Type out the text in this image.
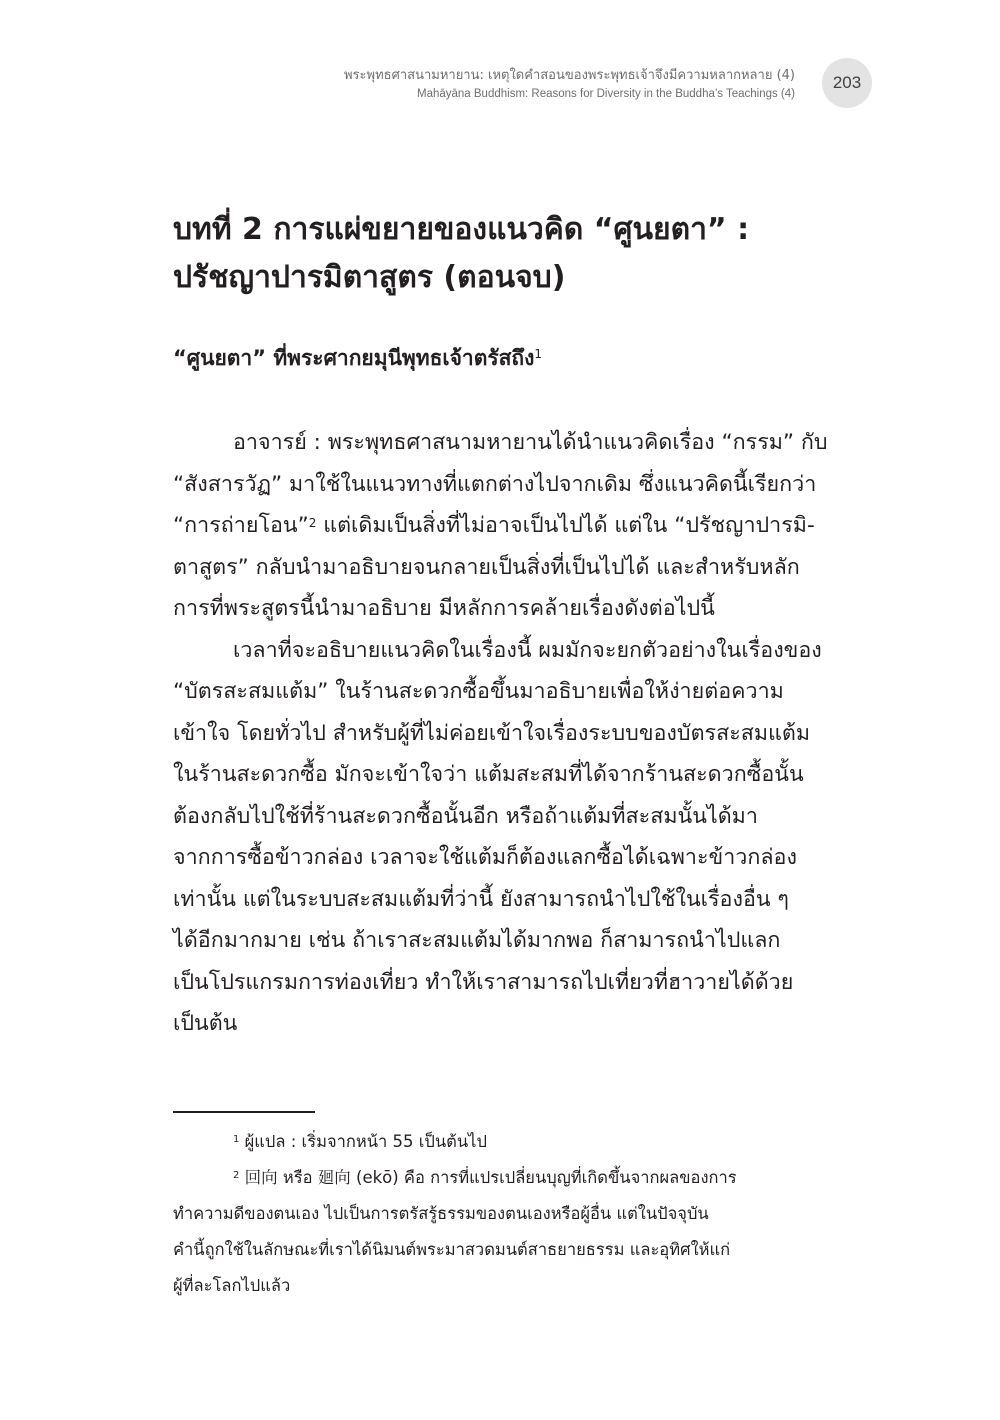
พระพุทธศาสนามหายาน: เหตุใดคำสอนของพระพุทธเจ้าจึงมีความหลากหลาย (4)
Mahāyāna Buddhism: Reasons for Diversity in the Buddha’s Teachings (4)
203
บทที่ 2 การแผ่ขยายของแนวคิด “ศูนยตา” :
ปรัชญาปารมิตาสูตร (ตอนจบ)
“ศูนยตา” ที่พระศากยมุนีพุทธเจ้าตรัสถึง$^1$
อาจารย์ : พระพุทธศาสนามหายานได้นำแนวคิดเรื่อง “กรรม” กับ
“สังสารวัฏ” มาใช้ในแนวทางที่แตกต่างไปจากเดิม ซึ่งแนวคิดนี้เรียกว่า
“การถ่ายโอน”$^2$ แต่เดิมเป็นสิ่งที่ไม่อาจเป็นไปได้ แต่ใน “ปรัชญาปารมิ-
ตาสูตร” กลับนำมาอธิบายจนกลายเป็นสิ่งที่เป็นไปได้ และสำหรับหลัก
การที่พระสูตรนี้นำมาอธิบาย มีหลักการคล้ายเรื่องดังต่อไปนี้
เวลาที่จะอธิบายแนวคิดในเรื่องนี้ ผมมักจะยกตัวอย่างในเรื่องของ
“บัตรสะสมแต้ม” ในร้านสะดวกซื้อขึ้นมาอธิบายเพื่อให้ง่ายต่อความ
เข้าใจ โดยทั่วไป สำหรับผู้ที่ไม่ค่อยเข้าใจเรื่องระบบของบัตรสะสมแต้ม
ในร้านสะดวกซื้อ มักจะเข้าใจว่า แต้มสะสมที่ได้จากร้านสะดวกซื้อนั้น
ต้องกลับไปใช้ที่ร้านสะดวกซื้อนั้นอีก หรือถ้าแต้มที่สะสมนั้นได้มา
จากการซื้อข้าวกล่อง เวลาจะใช้แต้มก็ต้องแลกซื้อได้เฉพาะข้าวกล่อง
เท่านั้น แต่ในระบบสะสมแต้มที่ว่านี้ ยังสามารถนำไปใช้ในเรื่องอื่น ๆ
ได้อีกมากมาย เช่น ถ้าเราสะสมแต้มได้มากพอ ก็สามารถนำไปแลก
เป็นโปรแกรมการท่องเที่ยว ทำให้เราสามารถไปเที่ยวที่ฮาวายได้ด้วย
เป็นต้น
$^1$ ผู้แปล : เริ่มจากหน้า 55 เป็นต้นไป
$^2$ 回向 หรือ 廻向 (ekō) คือ การที่แปรเปลี่ยนบุญที่เกิดขึ้นจากผลของการ
ทำความดีของตนเอง ไปเป็นการตรัสรู้ธรรมของตนเองหรือผู้อื่น แต่ในปัจจุบัน
คำนี้ถูกใช้ในลักษณะที่เราได้นิมนต์พระมาสวดมนต์สาธยายธรรม และอุทิศให้แก่
ผู้ที่ละโลกไปแล้ว
